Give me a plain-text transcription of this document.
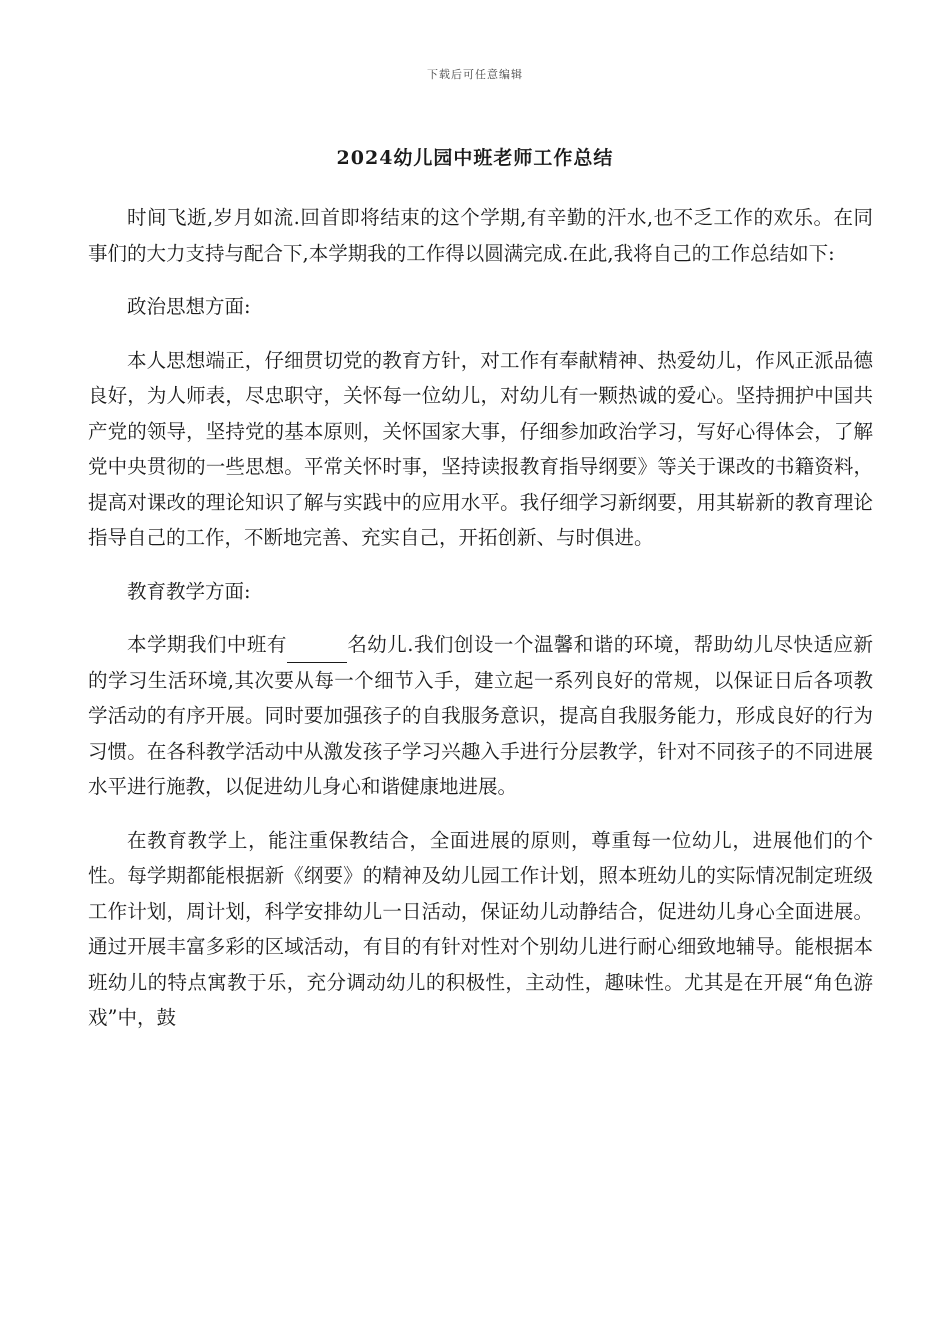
下载后可任意编辑
2024幼儿园中班老师工作总结

时间飞逝,岁月如流.回首即将结束的这个学期,有辛勤的汗水,也不乏工作的欢乐。在同事们的大力支持与配合下,本学期我的工作得以圆满完成.在此,我将自己的工作总结如下:

政治思想方面:

本人思想端正，仔细贯切党的教育方针，对工作有奉献精神、热爱幼儿，作风正派品德良好，为人师表，尽忠职守，关怀每一位幼儿，对幼儿有一颗热诚的爱心。坚持拥护中国共产党的领导，坚持党的基本原则，关怀国家大事，仔细参加政治学习，写好心得体会，了解党中央贯彻的一些思想。平常关怀时事，坚持读报教育指导纲要》等关于课改的书籍资料，提高对课改的理论知识了解与实践中的应用水平。我仔细学习新纲要，用其崭新的教育理论指导自己的工作，不断地完善、充实自己，开拓创新、与时俱进。

教育教学方面:

本学期我们中班有	名幼儿.我们创设一个温馨和谐的环境，帮助幼儿尽快适应新的学习生活环境,其次要从每一个细节入手，建立起一系列良好的常规，以保证日后各项教学活动的有序开展。同时要加强孩子的自我服务意识，提高自我服务能力，形成良好的行为习惯。在各科教学活动中从激发孩子学习兴趣入手进行分层教学，针对不同孩子的不同进展水平进行施教，以促进幼儿身心和谐健康地进展。

在教育教学上，能注重保教结合，全面进展的原则，尊重每一位幼儿，进展他们的个性。每学期都能根据新《纲要》的精神及幼儿园工作计划，照本班幼儿的实际情况制定班级工作计划，周计划，科学安排幼儿一日活动，保证幼儿动静结合，促进幼儿身心全面进展。通过开展丰富多彩的区域活动，有目的有针对性对个别幼儿进行耐心细致地辅导。能根据本班幼儿的特点寓教于乐，充分调动幼儿的积极性，主动性，趣味性。尤其是在开展“角色游戏”中，鼓
